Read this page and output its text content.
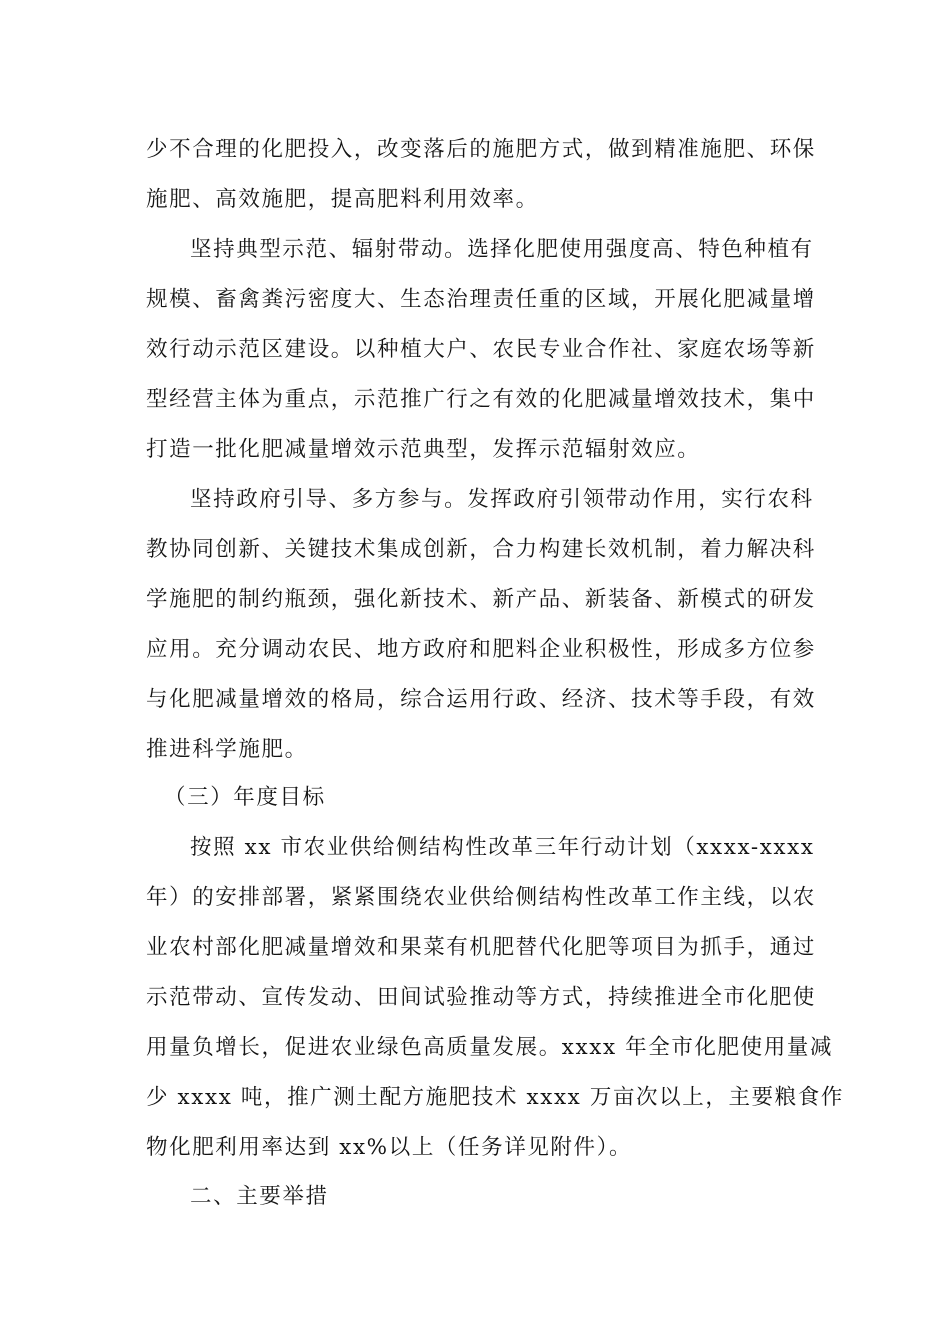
少不合理的化肥投入，改变落后的施肥方式，做到精准施肥、环保
施肥、高效施肥，提高肥料利用效率。
坚持典型示范、辐射带动。选择化肥使用强度高、特色种植有
规模、畜禽粪污密度大、生态治理责任重的区域，开展化肥减量增
效行动示范区建设。以种植大户、农民专业合作社、家庭农场等新
型经营主体为重点，示范推广行之有效的化肥减量增效技术，集中
打造一批化肥减量增效示范典型，发挥示范辐射效应。
坚持政府引导、多方参与。发挥政府引领带动作用，实行农科
教协同创新、关键技术集成创新，合力构建长效机制，着力解决科
学施肥的制约瓶颈，强化新技术、新产品、新装备、新模式的研发
应用。充分调动农民、地方政府和肥料企业积极性，形成多方位参
与化肥减量增效的格局，综合运用行政、经济、技术等手段，有效
推进科学施肥。
（三）年度目标
按照 xx 市农业供给侧结构性改革三年行动计划（xxxx-xxxx
年）的安排部署，紧紧围绕农业供给侧结构性改革工作主线，以农
业农村部化肥减量增效和果菜有机肥替代化肥等项目为抓手，通过
示范带动、宣传发动、田间试验推动等方式，持续推进全市化肥使
用量负增长，促进农业绿色高质量发展。xxxx 年全市化肥使用量减
少 xxxx 吨，推广测土配方施肥技术 xxxx 万亩次以上，主要粮食作
物化肥利用率达到 xx%以上（任务详见附件）。
二、主要举措
